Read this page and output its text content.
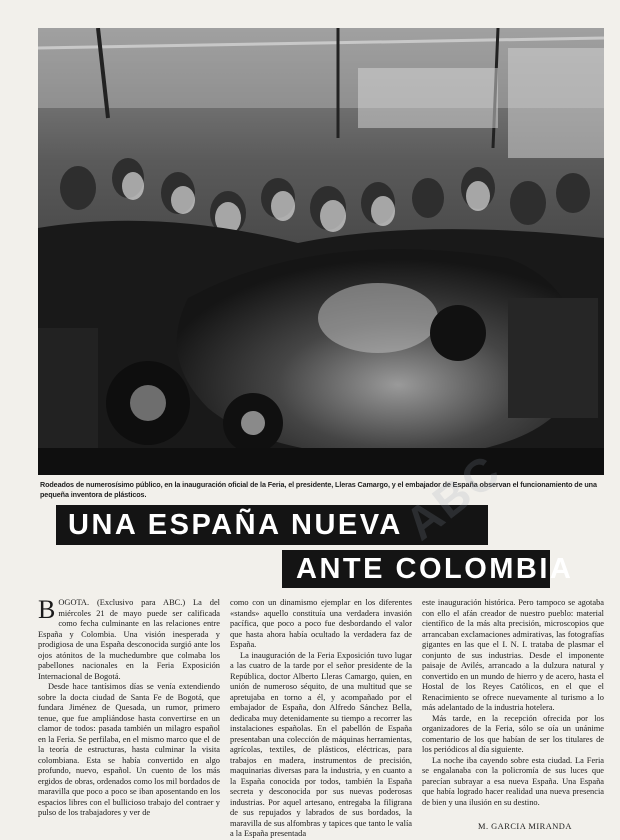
Rodeados de numerosísimo público, en la inauguración oficial de la Feria, el presidente, Lleras Camargo, y el embajador de España observan el funcionamiento de una pequeña inventora de plásticos.
UNA ESPAÑA NUEVA
ANTE COLOMBIA
B OGOTA. (Exclusivo para ABC.) La del miércoles 21 de mayo puede ser calificada como fecha culminante en las relaciones entre España y Colombia. Una visión inesperada y prodigiosa de una España desconocida surgió ante los ojos atónitos de la muchedumbre que colmaba los pabellones nacionales en la Feria Exposición Internacional de Bogotá.

Desde hace tantísimos días se venía extendiendo sobre la docta ciudad de Santa Fe de Bogotá, que fundara Jiménez de Quesada, un rumor, primero tenue, que fue ampliándose hasta convertirse en un clamor de todos: pasada también un milagro español en la Feria. Se perfilaba, en el mismo marco que el de la teoría de estructuras, hasta culminar la visita colombiana. Esta se había convertido en algo profundo, nuevo, español. Un cuento de los más ergidos de obras, ordenados como los mil bordados de maravilla que poco a poco se iban aposentando en los espacios libres con el bullicioso trabajo del contraer y pulso de los trabajadores y ver de

como con un dinamismo ejemplar en los diferentes «stands» aquello constituía una verdadera invasión pacífica, que poco a poco fue desbordando el valor que hasta ahora había ocultado la verdadera faz de España.

La inauguración de la Feria Exposición tuvo lugar a las cuatro de la tarde por el señor presidente de la República, doctor Alberto Lleras Camargo, quien, en unión de numeroso séquito, de una multitud que se apretujaba en torno a él, y acompañado por el embajador de España, don Alfredo Sánchez Bella, dedicaba muy detenidamente su tiempo a recorrer las instalaciones españolas. En el pabellón de España presentaban una colección de máquinas herramientas, agrícolas, textiles, de plásticos, eléctricas, para trabajos en madera, instrumentos de precisión, maquinarias diversas para la industria, y en cuanto a la España conocida por todos, también la España secreta y desconocida por sus nuevas poderosas industrias. Por aquel artesano, entregaba la filigrana de sus repujados y labrados de sus bordados, la maravilla de sus alfombras y tapices que tanto le valía a la España presentada

este inauguración histórica. Pero tampoco se agotaba con ello el afán creador de nuestro pueblo: material científico de la más alta precisión, microscopios que arrancaban exclamaciones admirativas, las fotografías gigantes en las que el I. N. I. trataba de plasmar el conjunto de sus industrias. Desde el imponente paisaje de Avilés, arrancado a la dulzura natural y convertido en un mundo de hierro y de acero, hasta el Hostal de los Reyes Católicos, en el que el Renacimiento se ofrece nuevamente al turismo a lo más adelantado de la industria hotelera.

Más tarde, en la recepción ofrecida por los organizadores de la Feria, sólo se oía un unánime comentario de los que habían de ser los titulares de los periódicos al día siguiente.

La noche iba cayendo sobre esta ciudad. La Feria se engalanaba con la policromía de sus luces que parecían subrayar a esa nueva España. Una España que había logrado hacer realidad una nueva presencia de bien y una ilusión en su destino.

M. GARCIA MIRANDA
ABC
